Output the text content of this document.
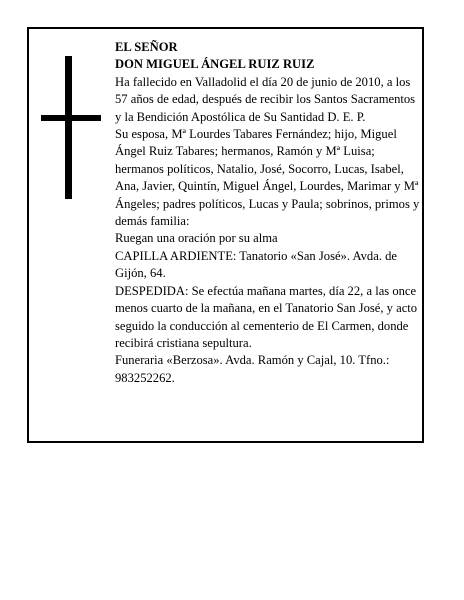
EL SEÑOR

DON MIGUEL ÁNGEL RUIZ RUIZ

Ha fallecido en Valladolid el día 20 de junio de 2010, a los 57 años de edad, después de recibir los Santos Sacramentos y la Bendición Apostólica de Su Santidad D. E. P.

Su esposa, Mª Lourdes Tabares Fernández; hijo, Miguel Ángel Ruiz Tabares; hermanos, Ramón y Mª Luisa; hermanos políticos, Natalio, José, Socorro, Lucas, Isabel, Ana, Javier, Quintín, Miguel Ángel, Lourdes, Marimar y Mª Ángeles; padres políticos, Lucas y Paula; sobrinos, primos y demás familia:

Ruegan una oración por su alma

CAPILLA ARDIENTE: Tanatorio «San José». Avda. de Gijón, 64.

DESPEDIDA: Se efectúa mañana martes, día 22, a las once menos cuarto de la mañana, en el Tanatorio San José, y acto seguido la conducción al cementerio de El Carmen, donde recibirá cristiana sepultura.

Funeraria «Berzosa». Avda. Ramón y Cajal, 10. Tfno.: 983252262.
